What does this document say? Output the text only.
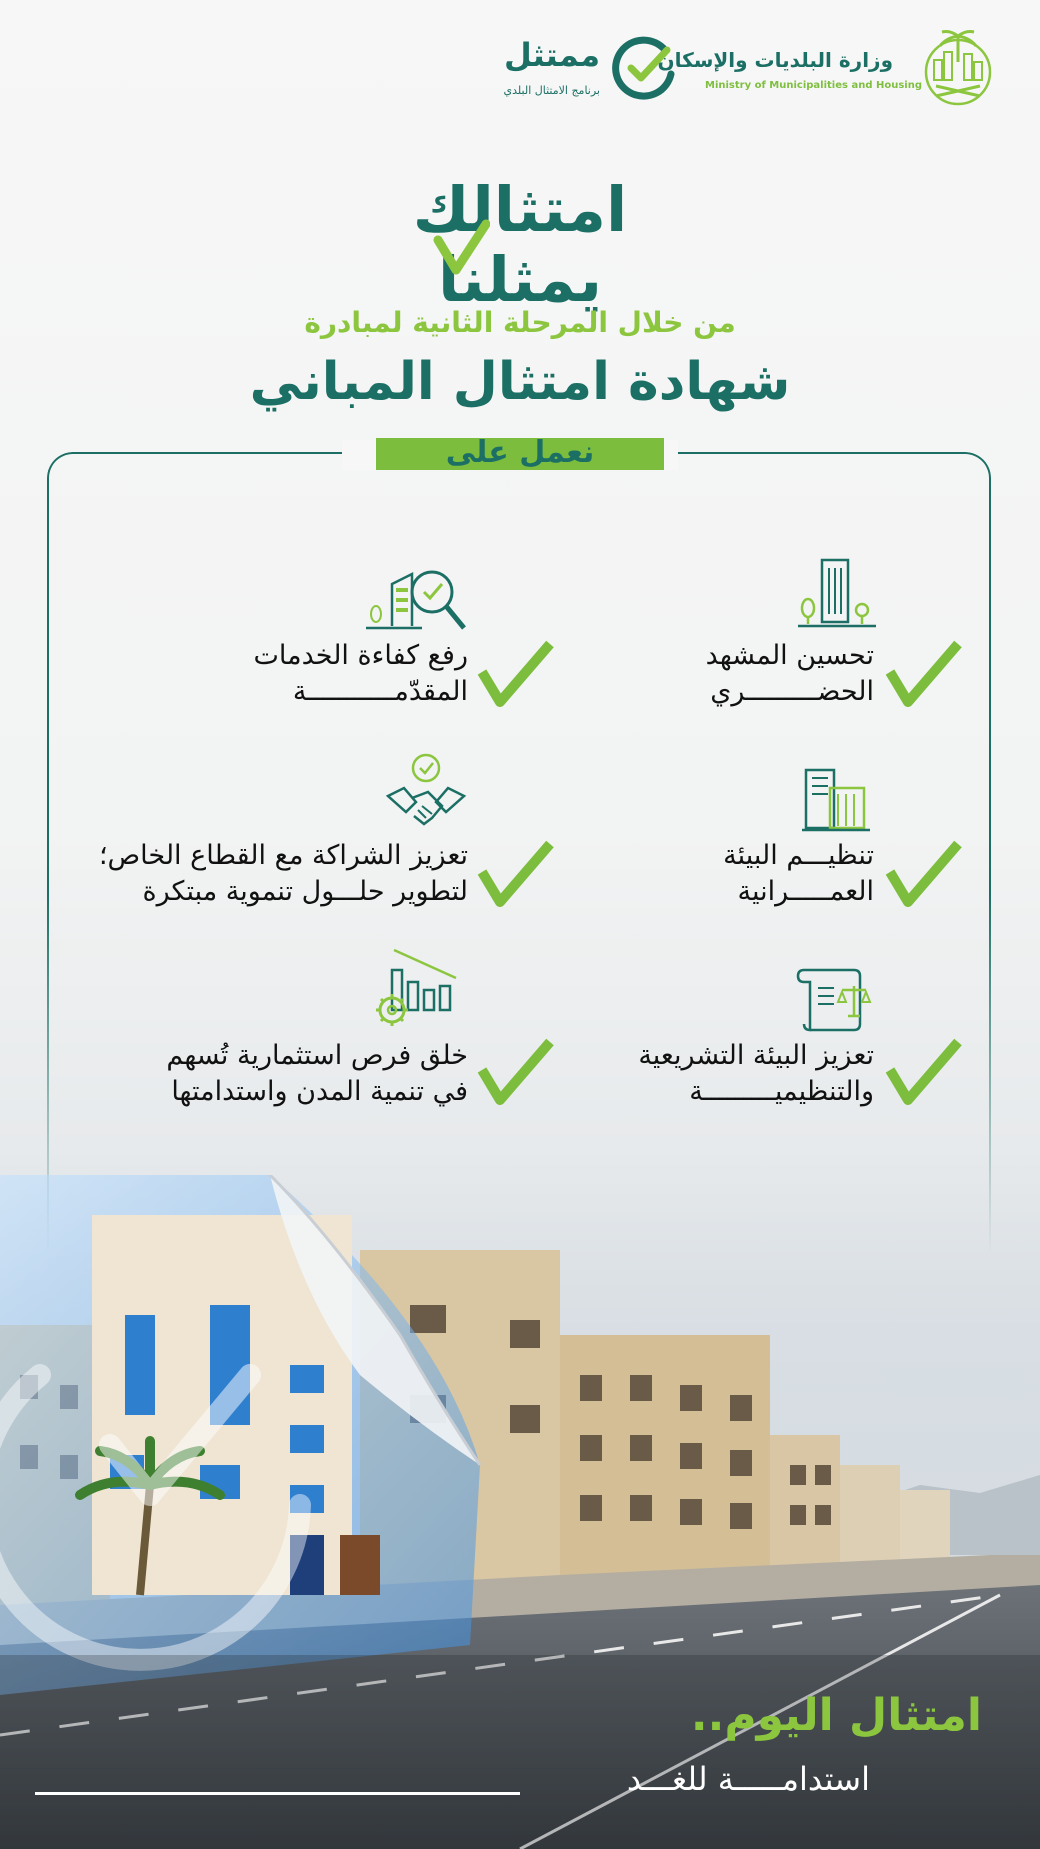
وزارة البلديات والإسكان
Ministry of Municipalities and Housing
ممتثل
برنامج الامتثال البلدي
امتثالك
يمثلنا
من خلال المرحلة الثانية لمبادرة
شهادة امتثال المباني
نعمل على
تحسين المشهد
الحضـــــــــري
رفع كفاءة الخدمات
المقدّمـــــــــــة
تنظيـــم البيئة
العمـــــرانية
تعزيز الشراكة مع القطاع الخاص؛
لتطوير حلـــول تنموية مبتكرة
تعزيز البيئة التشريعية
والتنظيميـــــــــة
خلق فرص استثمارية تُسهم
في تنمية المدن واستدامتها
امتثال اليوم..
استدامـــــة للغـــد
